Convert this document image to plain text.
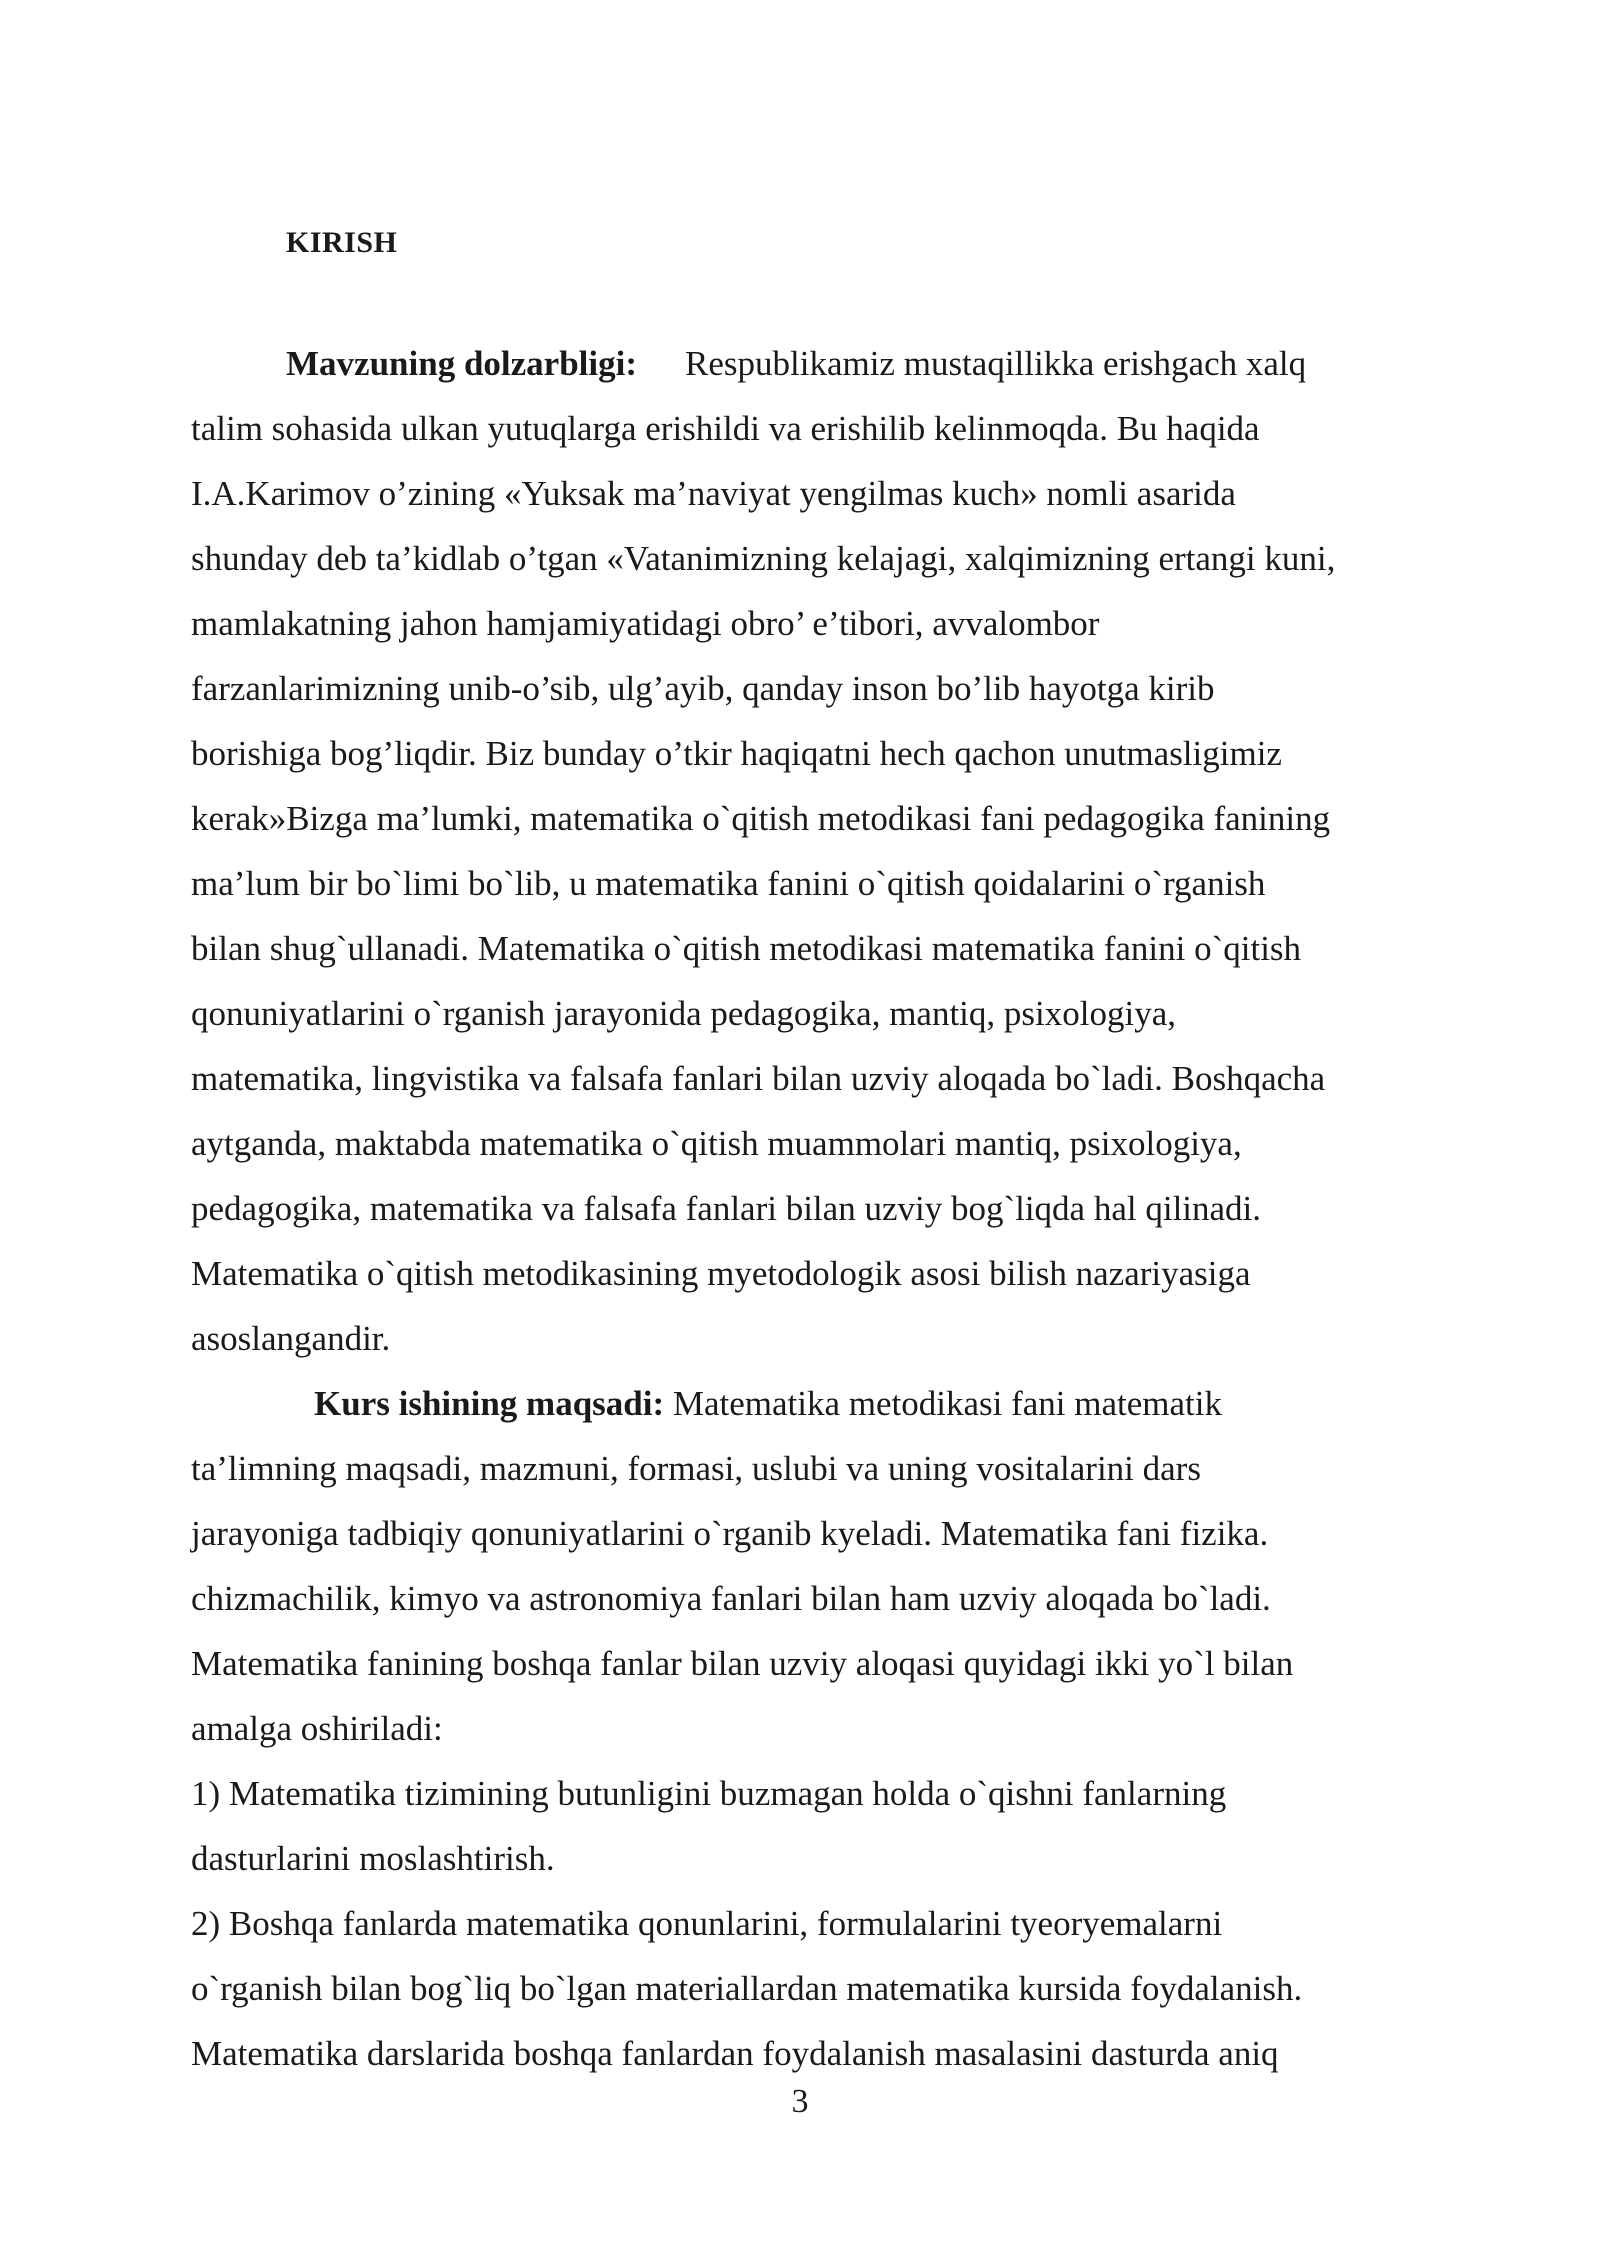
KIRISH
Mavzuning dolzarbligi: Respublikamiz mustaqillikka erishgach xalq
talim sohasida ulkan yutuqlarga erishildi va erishilib kelinmoqda. Bu haqida
I.A.Karimov o’zining «Yuksak ma’naviyat yengilmas kuch» nomli asarida
shunday deb ta’kidlab o’tgan «Vatanimizning kelajagi, xalqimizning ertangi kuni,
mamlakatning jahon hamjamiyatidagi obro’ e’tibori, avvalombor
farzanlarimizning unib-o’sib, ulg’ayib, qanday inson bo’lib hayotga kirib
borishiga bog’liqdir. Biz bunday o’tkir haqiqatni hech qachon unutmasligimiz
kerak»Bizga ma’lumki, matematika o`qitish metodikasi fani pedagogika fanining
ma’lum bir bo`limi bo`lib, u matematika fanini o`qitish qoidalarini o`rganish
bilan shug`ullanadi. Matematika o`qitish metodikasi matematika fanini o`qitish
qonuniyatlarini o`rganish jarayonida pedagogika, mantiq, psixologiya,
matematika, lingvistika va falsafa fanlari bilan uzviy aloqada bo`ladi. Boshqacha
aytganda, maktabda matematika o`qitish muammolari mantiq, psixologiya,
pedagogika, matematika va falsafa fanlari bilan uzviy bog`liqda hal qilinadi.
Matematika o`qitish metodikasining myetodologik asosi bilish nazariyasiga
asoslangandir.
Kurs ishining maqsadi: Matematika metodikasi fani matematik
ta’limning maqsadi, mazmuni, formasi, uslubi va uning vositalarini dars
jarayoniga tadbiqiy qonuniyatlarini o`rganib kyeladi. Matematika fani fizika.
chizmachilik, kimyo va astronomiya fanlari bilan ham uzviy aloqada bo`ladi.
Matematika fanining boshqa fanlar bilan uzviy aloqasi quyidagi ikki yo`l bilan
amalga oshiriladi:
1) Matematika tizimining butunligini buzmagan holda o`qishni fanlarning
dasturlarini moslashtirish.
2) Boshqa fanlarda matematika qonunlarini, formulalarini tyeoryemalarni
o`rganish bilan bog`liq bo`lgan materiallardan matematika kursida foydalanish.
Matematika darslarida boshqa fanlardan foydalanish masalasini dasturda aniq
3
